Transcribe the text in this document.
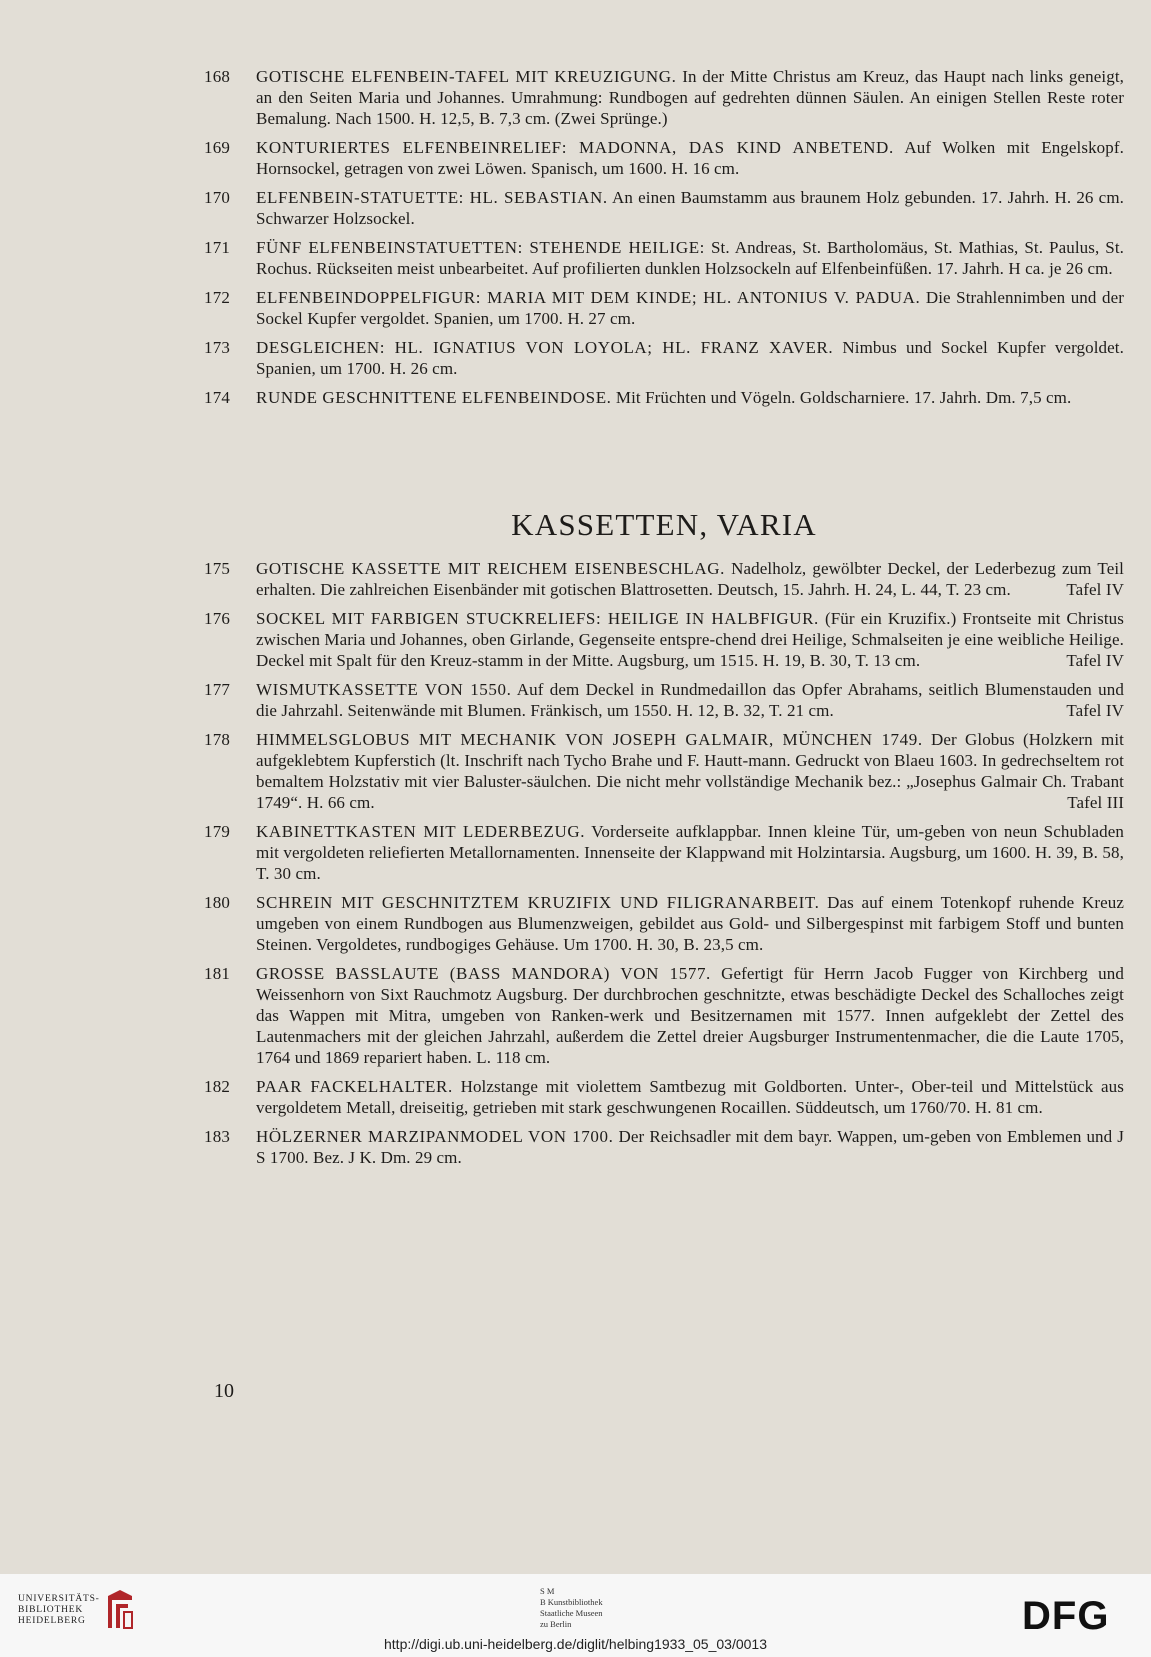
168	GOTISCHE ELFENBEIN-TAFEL MIT KREUZIGUNG. In der Mitte Christus am Kreuz, das Haupt nach links geneigt, an den Seiten Maria und Johannes. Umrahmung: Rundbogen auf gedrehten dünnen Säulen. An einigen Stellen Reste roter Bemalung. Nach 1500. H. 12,5, B. 7,3 cm. (Zwei Sprünge.)
169	KONTURIERTES ELFENBEINRELIEF: MADONNA, DAS KIND ANBETEND. Auf Wolken mit Engelskopf. Hornsockel, getragen von zwei Löwen. Spanisch, um 1600. H. 16 cm.
170	ELFENBEIN-STATUETTE: HL. SEBASTIAN. An einen Baumstamm aus braunem Holz gebunden. 17. Jahrh. H. 26 cm. Schwarzer Holzsockel.
171	FÜNF ELFENBEINSTATUETTEN: STEHENDE HEILIGE: St. Andreas, St. Bartholomäus, St. Mathias, St. Paulus, St. Rochus. Rückseiten meist unbearbeitet. Auf profilierten dunklen Holzsockeln auf Elfenbeinfüßen. 17. Jahrh. H ca. je 26 cm.
172	ELFENBEINDOPPELFIGUR: MARIA MIT DEM KINDE; HL. ANTONIUS V. PADUA. Die Strahlennimben und der Sockel Kupfer vergoldet. Spanien, um 1700. H. 27 cm.
173	DESGLEICHEN: HL. IGNATIUS VON LOYOLA; HL. FRANZ XAVER. Nimbus und Sockel Kupfer vergoldet. Spanien, um 1700. H. 26 cm.
174	RUNDE GESCHNITTENE ELFENBEINDOSE. Mit Früchten und Vögeln. Goldscharniere. 17. Jahrh. Dm. 7,5 cm.
KASSETTEN, VARIA
175	GOTISCHE KASSETTE MIT REICHEM EISENBESCHLAG. Nadelholz, gewölbter Deckel, der Lederbezug zum Teil erhalten. Die zahlreichen Eisenbänder mit gotischen Blattrosetten. Deutsch, 15. Jahrh. H. 24, L. 44, T. 23 cm.	Tafel IV
176	SOCKEL MIT FARBIGEN STUCKRELIEFS: HEILIGE IN HALBFIGUR. (Für ein Kruzifix.) Frontseite mit Christus zwischen Maria und Johannes, oben Girlande, Gegenseite entspre-chend drei Heilige, Schmalseiten je eine weibliche Heilige. Deckel mit Spalt für den Kreuz-stamm in der Mitte. Augsburg, um 1515. H. 19, B. 30, T. 13 cm.	Tafel IV
177	WISMUTKASSETTE VON 1550. Auf dem Deckel in Rundmedaillon das Opfer Abrahams, seitlich Blumenstauden und die Jahrzahl. Seitenwände mit Blumen. Fränkisch, um 1550. H. 12, B. 32, T. 21 cm.	Tafel IV
178	HIMMELSGLOBUS MIT MECHANIK VON JOSEPH GALMAIR, MÜNCHEN 1749. Der Globus (Holzkern mit aufgeklebtem Kupferstich (lt. Inschrift nach Tycho Brahe und F. Hautt-mann. Gedruckt von Blaeu 1603. In gedrechseltem rot bemaltem Holzstativ mit vier Baluster-säulchen. Die nicht mehr vollständige Mechanik bez.: „Josephus Galmair Ch. Trabant 1749“. H. 66 cm.	Tafel III
179	KABINETTKASTEN MIT LEDERBEZUG. Vorderseite aufklappbar. Innen kleine Tür, um-geben von neun Schubladen mit vergoldeten reliefierten Metallornamenten. Innenseite der Klappwand mit Holzintarsia. Augsburg, um 1600. H. 39, B. 58, T. 30 cm.
180	SCHREIN MIT GESCHNITZTEM KRUZIFIX UND FILIGRANARBEIT. Das auf einem Totenkopf ruhende Kreuz umgeben von einem Rundbogen aus Blumenzweigen, gebildet aus Gold- und Silbergespinst mit farbigem Stoff und bunten Steinen. Vergoldetes, rundbogiges Gehäuse. Um 1700. H. 30, B. 23,5 cm.
181	GROSSE BASSLAUTE (BASS MANDORA) VON 1577. Gefertigt für Herrn Jacob Fugger von Kirchberg und Weissenhorn von Sixt Rauchmotz Augsburg. Der durchbrochen geschnitzte, etwas beschädigte Deckel des Schalloches zeigt das Wappen mit Mitra, umgeben von Ranken-werk und Besitzernamen mit 1577. Innen aufgeklebt der Zettel des Lautenmachers mit der gleichen Jahrzahl, außerdem die Zettel dreier Augsburger Instrumentenmacher, die die Laute 1705, 1764 und 1869 repariert haben. L. 118 cm.
182	PAAR FACKELHALTER. Holzstange mit violettem Samtbezug mit Goldborten. Unter-, Ober-teil und Mittelstück aus vergoldetem Metall, dreiseitig, getrieben mit stark geschwungenen Rocaillen. Süddeutsch, um 1760/70. H. 81 cm.
183	HÖLZERNER MARZIPANMODEL VON 1700. Der Reichsadler mit dem bayr. Wappen, um-geben von Emblemen und J S 1700. Bez. J K. Dm. 29 cm.
10
UNIVERSITÄTS-
BIBLIOTHEK
HEIDELBERG
S M
B Kunstbibliothek
Staatliche Museen
zu Berlin	DFG
http://digi.ub.uni-heidelberg.de/diglit/helbing1933_05_03/0013
